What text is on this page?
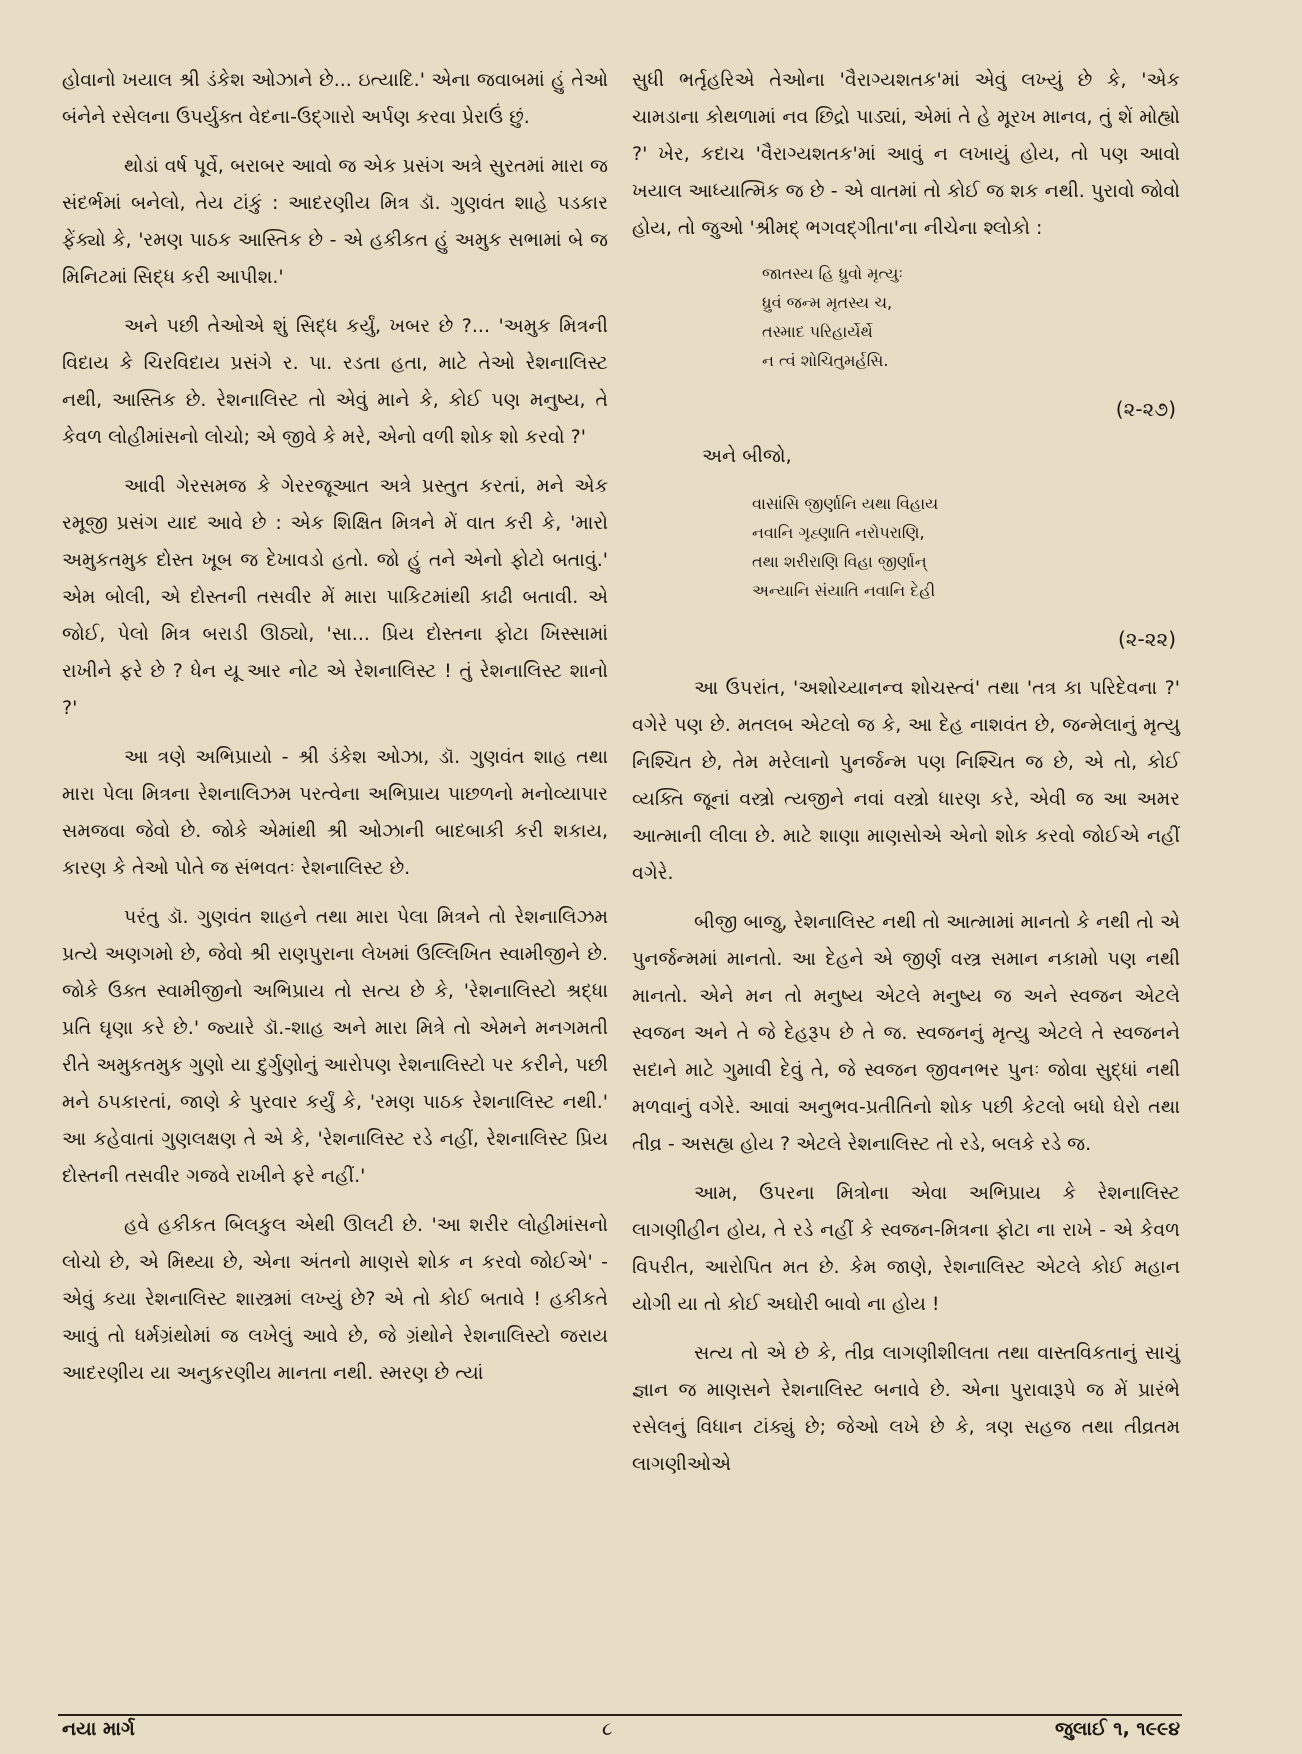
હોવાનો ખયાલ શ્રી ડંકેશ ઓઝાને છે... ઇત્યાદિ.' એના જવાબમાં હું તેઓ બંનેને રસેલના ઉપર્યુક્ત વેદના-ઉદ્ગારો અર્પણ કરવા પ્રેરાઉં છું.

થોડાં વર્ષ પૂર્વે, બરાબર આવો જ એક પ્રસંગ અત્રે સુરતમાં મારા જ સંદર્ભમાં બનેલો, તેય ટાંકું : આદરણીય મિત્ર ડૉ. ગુણવંત શાહે પડકાર ફેંક્યો કે, 'રમણ પાઠક આસ્તિક છે - એ હકીકત હું અમુક સભામાં બે જ મિનિટમાં સિદ્ધ કરી આપીશ.'

અને પછી તેઓએ શું સિદ્ધ કર્યું, ખબર છે ?... 'અમુક મિત્રની વિદાય કે ચિરવિદાય પ્રસંગે ર. પા. રડતા હતા, માટે તેઓ રેશનાલિસ્ટ નથી, આસ્તિક છે. રેશનાલિસ્ટ તો એવું માને કે, કોઈ પણ મનુષ્ય, તે કેવળ લોહીમાંસનો લોચો; એ જીવે કે મરે, એનો વળી શોક શો કરવો ?'

આવી ગેરસમજ કે ગેરરજૂઆત અત્રે પ્રસ્તુત કરતાં, મને એક રમૂજી પ્રસંગ યાદ આવે છે : એક શિક્ષિત મિત્રને મેં વાત કરી કે, 'મારો અમુકતમુક દોસ્ત ખૂબ જ દેખાવડો હતો. જો હું તને એનો ફોટો બતાવું.' એમ બોલી, એ દોસ્તની તસવીર મેં મારા પાકિટમાંથી કાઢી બતાવી. એ જોઈ, પેલો મિત્ર બરાડી ઊઠ્યો, 'સા... પ્રિય દોસ્તના ફોટા ખિસ્સામાં રાખીને ફરે છે ? ધેન યૂ આર નોટ એ રેશનાલિસ્ટ ! તું રેશનાલિસ્ટ શાનો ?'

આ ત્રણે અભિપ્રાયો - શ્રી ડંકેશ ઓઝા, ડૉ. ગુણવંત શાહ તથા મારા પેલા મિત્રના રેશનાલિઝમ પરત્વેના અભિપ્રાય પાછળનો મનોવ્યાપાર સમજવા જેવો છે. જોકે એમાંથી શ્રી ઓઝાની બાદબાકી કરી શકાય, કારણ કે તેઓ પોતે જ સંભવતઃ રેશનાલિસ્ટ છે.

પરંતુ ડૉ. ગુણવંત શાહને તથા મારા પેલા મિત્રને તો રેશનાલિઝમ પ્રત્યે અણગમો છે, જેવો શ્રી રાણપુરાના લેખમાં ઉલ્લિખિત સ્વામીજીને છે. જોકે ઉક્ત સ્વામીજીનો અભિપ્રાય તો સત્ય છે કે, 'રેશનાલિસ્ટો શ્રદ્ધા પ્રતિ ઘૃણા કરે છે.' જ્યારે ડૉ.-શાહ અને મારા મિત્રે તો એમને મનગમતી રીતે અમુકતમુક ગુણો યા દુર્ગુણોનું આરોપણ રેશનાલિસ્ટો પર કરીને, પછી મને ઠપકારતાં, જાણે કે પુરવાર કર્યું કે, 'રમણ પાઠક રેશનાલિસ્ટ નથી.' આ કહેવાતાં ગુણલક્ષણ તે એ કે, 'રેશનાલિસ્ટ રડે નહીં, રેશનાલિસ્ટ પ્રિય દોસ્તની તસવીર ગજવે રાખીને ફરે નહીં.'

હવે હકીકત બિલકુલ એથી ઊલટી છે. 'આ શરીર લોહીમાંસનો લોચો છે, એ મિથ્યા છે, એના અંતનો માણસે શોક ન કરવો જોઈએ' - એવું કયા રેશનાલિસ્ટ શાસ્ત્રમાં લખ્યું છે? એ તો કોઈ બતાવે ! હકીકતે આવું તો ધર્મગ્રંથોમાં જ લખેલું આવે છે, જે ગ્રંથોને રેશનાલિસ્ટો જરાય આદરણીય યા અનુકરણીય માનતા નથી. સ્મરણ છે ત્યાં

સુધી ભર્તૃહરિએ તેઓના 'વૈરાગ્યશતક'માં એવું લખ્યું છે કે, 'એક ચામડાના કોથળામાં નવ છિદ્રો પાડ્યાં, એમાં તે હે મૂરખ માનવ, તું શેં મોહ્યો ?' ખેર, કદાચ 'વૈરાગ્યશતક'માં આવું ન લખાયું હોય, તો પણ આવો ખયાલ આધ્યાત્મિક જ છે - એ વાતમાં તો કોઈ જ શક નથી. પુરાવો જોવો હોય, તો જુઓ 'શ્રીમદ્ ભગવદ્ગીતા'ના નીચેના શ્લોકો :

જાતસ્ય હિ ધ્રુવો મૃત્યુઃ
ધ્રુવં જન્મ મૃતસ્ય ચ,
તસ્માદ પરિહાર્યેર્થે
ન ત્વં શોચિતુમર્હસિ.
(૨-૨૭)
અને બીજો,
વાસાંસિ જીર્ણાનિ યથા વિહાય
નવાનિ ગૃહ્ણાતિ નરોપરાણિ,
તથા શરીરાણિ વિહા જીર્ણાન્
અન્યાનિ સંયાતિ નવાનિ દેહી
(૨-૨૨)

આ ઉપરાંત, 'અશોચ્યાનન્વ શોચસ્ત્વં' તથા 'તત્ર કા પરિદેવના ?' વગેરે પણ છે. મતલબ એટલો જ કે, આ દેહ નાશવંત છે, જન્મેલાનું મૃત્યુ નિશ્ચિત છે, તેમ મરેલાનો પુનર્જન્મ પણ નિશ્ચિત જ છે, એ તો, કોઈ વ્યક્તિ જૂનાં વસ્ત્રો ત્યજીને નવાં વસ્ત્રો ધારણ કરે, એવી જ આ અમર આત્માની લીલા છે. માટે શાણા માણસોએ એનો શોક કરવો જોઈએ નહીં વગેરે.

બીજી બાજુ, રેશનાલિસ્ટ નથી તો આત્મામાં માનતો કે નથી તો એ પુનર્જન્મમાં માનતો. આ દેહને એ જીર્ણ વસ્ત્ર સમાન નકામો પણ નથી માનતો. એને મન તો મનુષ્ય એટલે મનુષ્ય જ અને સ્વજન એટલે સ્વજન અને તે જે દેહરૂપ છે તે જ. સ્વજનનું મૃત્યુ એટલે તે સ્વજનને સદાને માટે ગુમાવી દેવું તે, જે સ્વજન જીવનભર પુનઃ જોવા સુદ્ધાં નથી મળવાનું વગેરે. આવાં અનુભવ-પ્રતીતિનો શોક પછી કેટલો બધો ઘેરો તથા તીવ્ર - અસહ્ય હોય ? એટલે રેશનાલિસ્ટ તો રડે, બલકે રડે જ.

આમ, ઉપરના મિત્રોના એવા અભિપ્રાય કે રેશનાલિસ્ટ લાગણીહીન હોય, તે રડે નહીં કે સ્વજન-મિત્રના ફોટા ના રાખે - એ કેવળ વિપરીત, આરોપિત મત છે. કેમ જાણે, રેશનાલિસ્ટ એટલે કોઈ મહાન યોગી યા તો કોઈ અઘોરી બાવો ના હોય !

સત્ય તો એ છે કે, તીવ્ર લાગણીશીલતા તથા વાસ્તવિકતાનું સાચું જ્ઞાન જ માણસને રેશનાલિસ્ટ બનાવે છે. એના પુરાવારૂપે જ મેં પ્રારંભે રસેલનું વિધાન ટાંક્યું છે; જેઓ લખે છે કે, ત્રણ સહજ તથા તીવ્રતમ લાગણીઓએ

નયા માર્ગ	૮	જુલાઈ ૧, ૧૯૯૪
